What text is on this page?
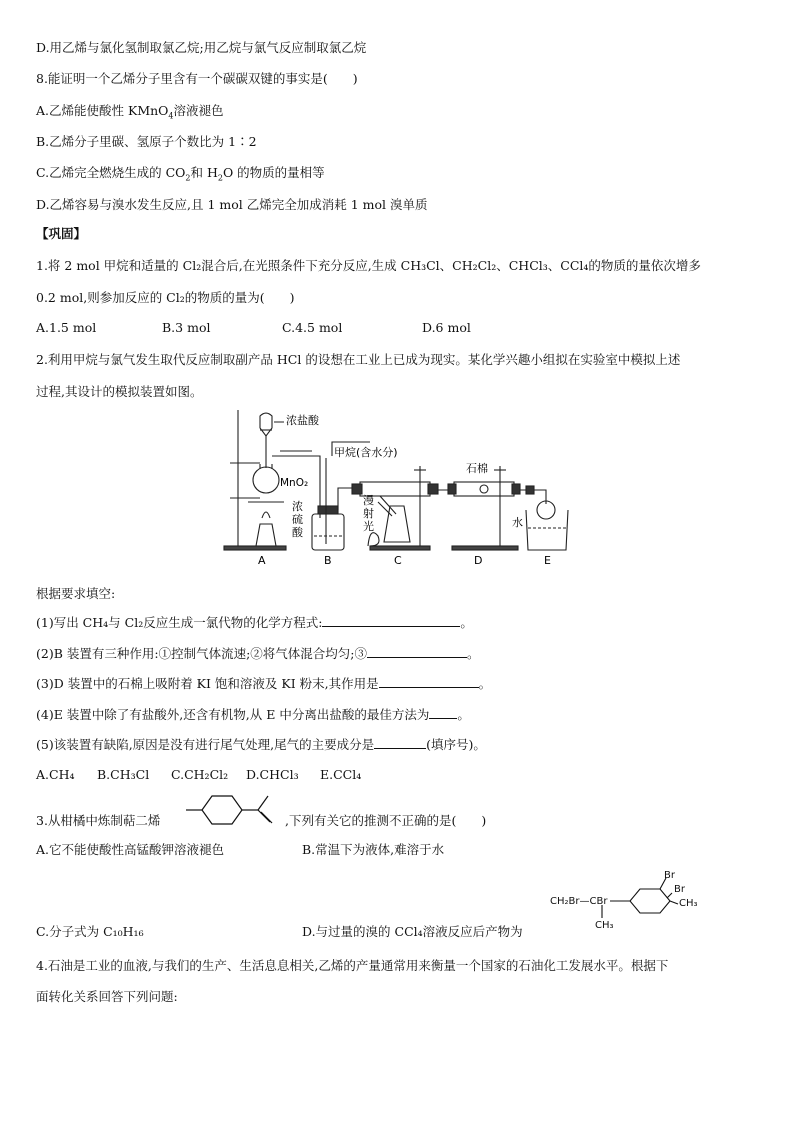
D.用乙烯与氯化氢制取氯乙烷;用乙烷与氯气反应制取氯乙烷
8.能证明一个乙烯分子里含有一个碳碳双键的事实是(　　)
A.乙烯能使酸性 KMnO$_4$溶液褪色
B.乙烯分子里碳、氢原子个数比为 1∶2
C.乙烯完全燃烧生成的 $CO_2$和 $H_2O$ 的物质的量相等
D.乙烯容易与溴水发生反应,且 1 mol 乙烯完全加成消耗 1 mol 溴单质
【巩固】
1.将 2 mol 甲烷和适量的 Cl₂混合后,在光照条件下充分反应,生成 CH₃Cl、CH₂Cl₂、CHCl₃、CCl₄的物质的量依次增多
0.2 mol,则参加反应的 Cl₂的物质的量为(　　)
A.1.5 mol	B.3 mol	C.4.5 mol	D.6 mol
2.利用甲烷与氯气发生取代反应制取副产品 HCl 的设想在工业上已成为现实。某化学兴趣小组拟在实验室中模拟上述
过程,其设计的模拟装置如图。
浓盐酸
甲烷(含水分)
MnO₂
浓
硫
酸
漫
射
光
石棉
水
A	B	C	D	E
根据要求填空:
(1)写出 CH₄与 Cl₂反应生成一氯代物的化学方程式:	。
(2)B 装置有三种作用:①控制气体流速;②将气体混合均匀;③	。
(3)D 装置中的石棉上吸附着 KI 饱和溶液及 KI 粉末,其作用是	。
(4)E 装置中除了有盐酸外,还含有机物,从 E 中分离出盐酸的最佳方法为 。
(5)该装置有缺陷,原因是没有进行尾气处理,尾气的主要成分是	(填序号)。
A.CH₄ B.CH₃Cl C.CH₂Cl₂ D.CHCl₃ E.CCl₄
3.从柑橘中炼制萜二烯	,下列有关它的推测不正确的是(　　)
A.它不能使酸性高锰酸钾溶液褪色	B.常温下为液体,难溶于水
CH₂Br—CBr
CH₃
Br
Br
CH₃
C.分子式为 C₁₀H₁₆	D.与过量的溴的 CCl₄溶液反应后产物为
4.石油是工业的血液,与我们的生产、生活息息相关,乙烯的产量通常用来衡量一个国家的石油化工发展水平。根据下
面转化关系回答下列问题:
